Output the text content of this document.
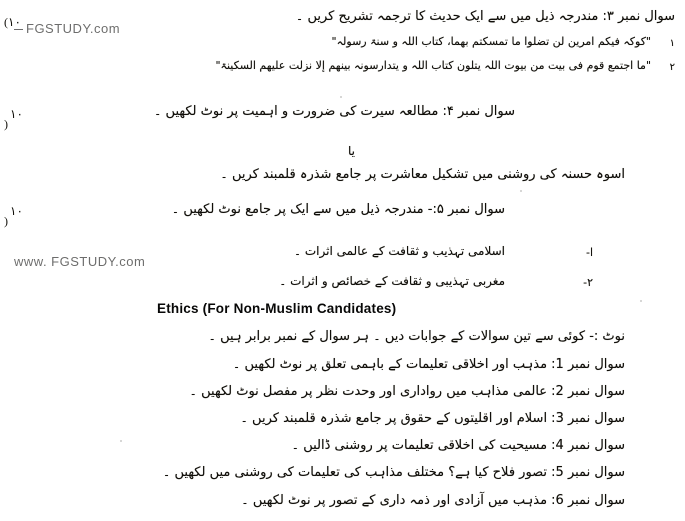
(١٠
١٠
)
١٠
)
سوال نمبر ۳: مندرجہ ذیل میں سے ایک حدیث کا ترجمہ تشریح کریں ۔
"کوکہ فیکم امرین لن تضلوا ما تمسکتم بھما، کتاب اللہ و سنۃ رسولہ" ۱
"ما اجتمع قوم فی بیت من بیوت اللہ یتلون کتاب اللہ و یتدارسونہ بینھم إلا نزلت علیھم السکینۃ" ۲
سوال نمبر ۴: مطالعہ سیرت کی ضرورت و اہمیت پر نوٹ لکھیں ۔
یا
اسوہ حسنہ کی روشنی میں تشکیل معاشرت پر جامع شذرہ قلمبند کریں ۔
سوال نمبر ۵:- مندرجہ ذیل میں سے ایک پر جامع نوٹ لکھیں ۔
اسلامی تہذیب و ثقافت کے عالمی اثرات ۔	ا-
مغربی تہذیبی و ثقافت کے خصائص و اثرات ۔	۲-
Ethics (For Non-Muslim Candidates)
نوٹ :- کوئی سے تین سوالات کے جوابات دیں ۔ ہر سوال کے نمبر برابر ہیں ۔
سوال نمبر 1: مذہب اور اخلاقی تعلیمات کے باہمی تعلق پر نوٹ لکھیں ۔
سوال نمبر 2: عالمی مذاہب میں رواداری اور وحدت نظر پر مفصل نوٹ لکھیں ۔
سوال نمبر 3: اسلام اور اقلیتوں کے حقوق پر جامع شذرہ قلمبند کریں ۔
سوال نمبر 4: مسیحیت کی اخلاقی تعلیمات پر روشنی ڈالیں ۔
سوال نمبر 5: تصور فلاح کیا ہے؟ مختلف مذاہب کی تعلیمات کی روشنی میں لکھیں ۔
سوال نمبر 6: مذہب میں آزادی اور ذمہ داری کے تصور پر نوٹ لکھیں ۔
FGSTUDY.com
www. FGSTUDY.com
